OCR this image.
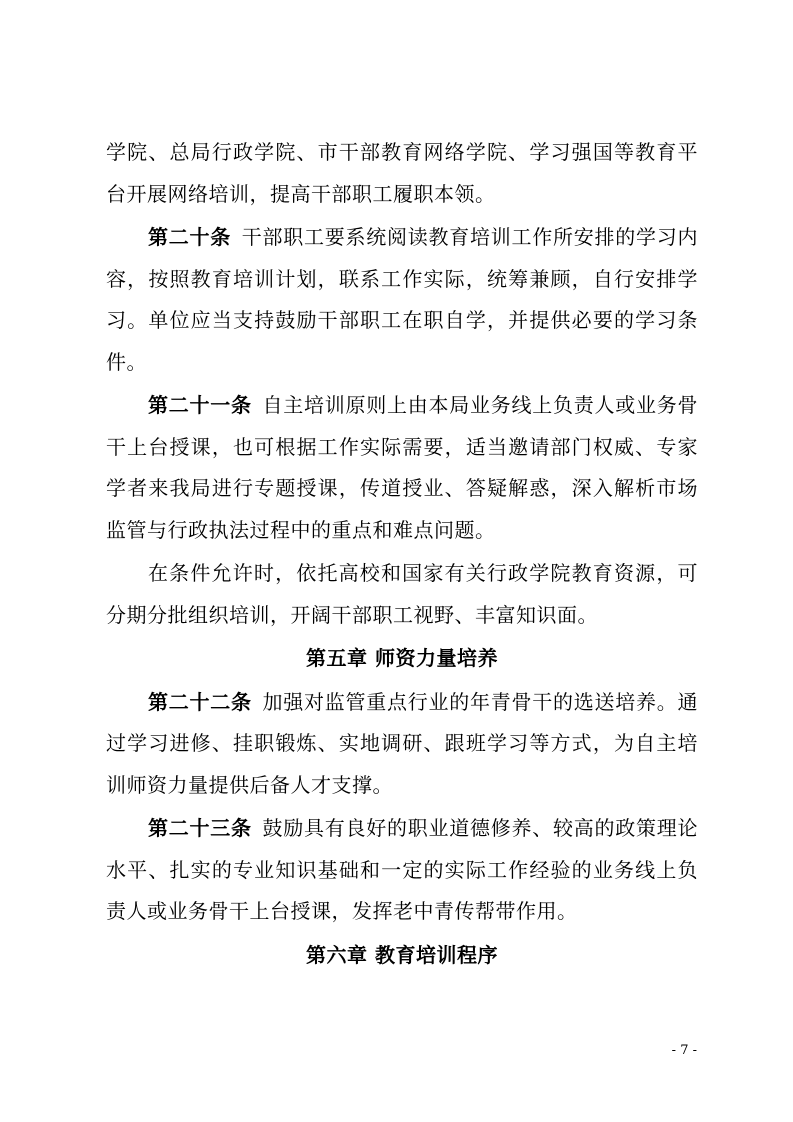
学院、总局行政学院、市干部教育网络学院、学习强国等教育平台开展网络培训，提高干部职工履职本领。

第二十条  干部职工要系统阅读教育培训工作所安排的学习内容，按照教育培训计划，联系工作实际，统筹兼顾，自行安排学习。单位应当支持鼓励干部职工在职自学，并提供必要的学习条件。

第二十一条  自主培训原则上由本局业务线上负责人或业务骨干上台授课，也可根据工作实际需要，适当邀请部门权威、专家学者来我局进行专题授课，传道授业、答疑解惑，深入解析市场监管与行政执法过程中的重点和难点问题。

在条件允许时，依托高校和国家有关行政学院教育资源，可分期分批组织培训，开阔干部职工视野、丰富知识面。

第五章 师资力量培养

第二十二条  加强对监管重点行业的年青骨干的选送培养。通过学习进修、挂职锻炼、实地调研、跟班学习等方式，为自主培训师资力量提供后备人才支撑。

第二十三条  鼓励具有良好的职业道德修养、较高的政策理论水平、扎实的专业知识基础和一定的实际工作经验的业务线上负责人或业务骨干上台授课，发挥老中青传帮带作用。

第六章 教育培训程序
- 7 -
